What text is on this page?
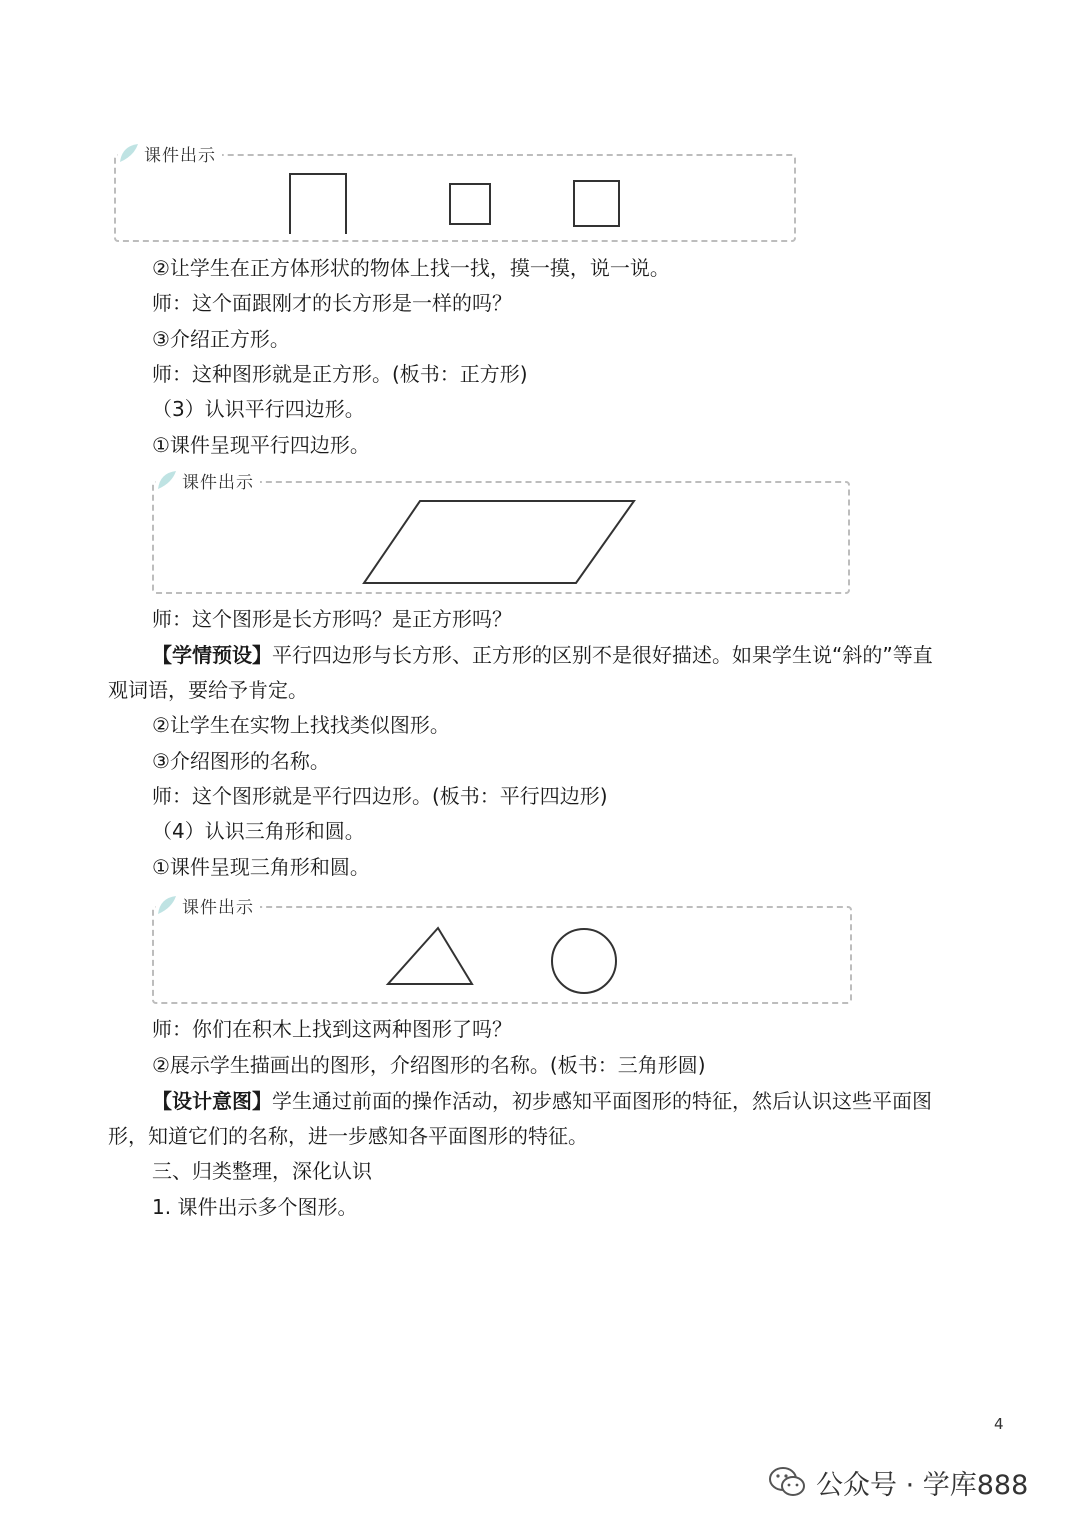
课件出示
②让学生在正方体形状的物体上找一找，摸一摸，说一说。
师：这个面跟刚才的长方形是一样的吗？
③介绍正方形。
师：这种图形就是正方形。(板书：正方形)
（3）认识平行四边形。
①课件呈现平行四边形。
课件出示
师：这个图形是长方形吗？是正方形吗？
【学情预设】平行四边形与长方形、正方形的区别不是很好描述。如果学生说“斜的”等直
观词语，要给予肯定。
②让学生在实物上找找类似图形。
③介绍图形的名称。
师：这个图形就是平行四边形。(板书：平行四边形)
（4）认识三角形和圆。
①课件呈现三角形和圆。
课件出示
师：你们在积木上找到这两种图形了吗？
②展示学生描画出的图形，介绍图形的名称。(板书：三角形圆)
【设计意图】学生通过前面的操作活动，初步感知平面图形的特征，然后认识这些平面图
形，知道它们的名称，进一步感知各平面图形的特征。
三、归类整理，深化认识
1. 课件出示多个图形。
4
公众号 · 学库888
